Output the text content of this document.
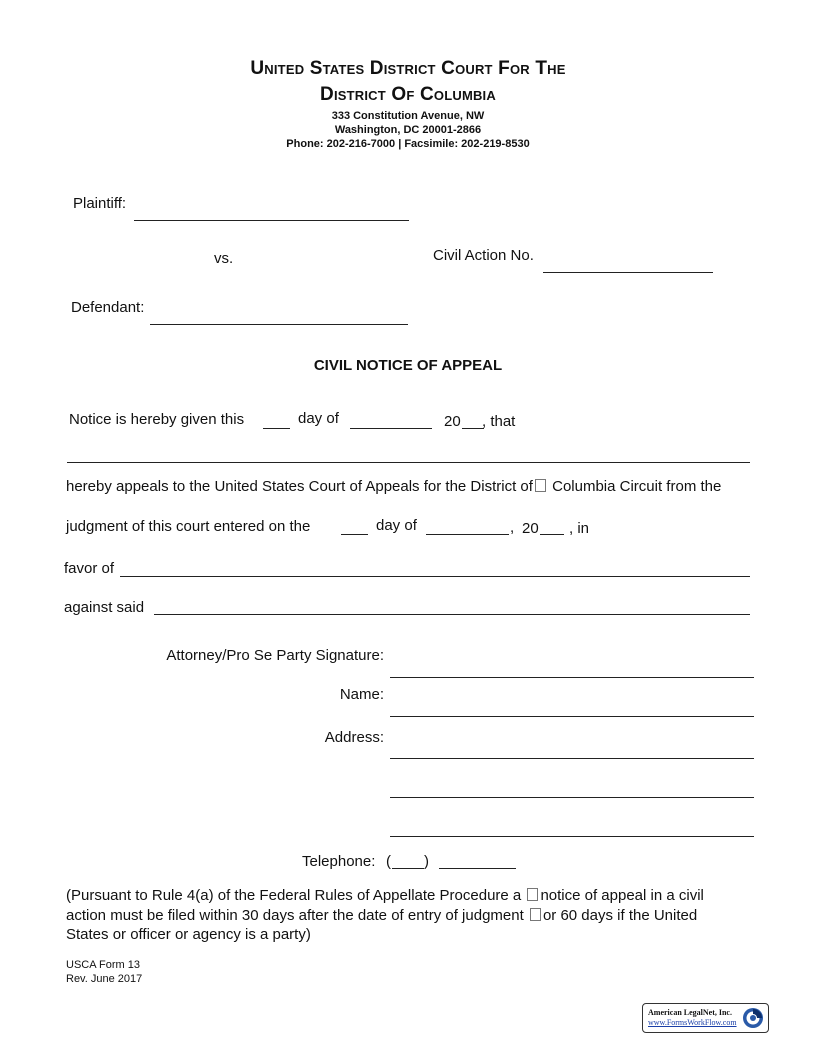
United States District Court For The
District Of Columbia
333 Constitution Avenue, NW
Washington, DC 20001-2866
Phone: 202-216-7000 | Facsimile: 202-219-8530
Plaintiff:
vs.	Civil Action No.
Defendant:
CIVIL NOTICE OF APPEAL
Notice is hereby given this	day of	20 , that
hereby appeals to the United States Court of Appeals for the District of Columbia Circuit from the
judgment of this court entered on the	day of	, 20 , in
favor of
against said
Attorney/Pro Se Party Signature:
Name:
Address:
Telephone: ( )
(Pursuant to Rule 4(a) of the Federal Rules of Appellate Procedure a notice of appeal in a civil
action must be filed within 30 days after the date of entry of judgment or 60 days if the United
States or officer or agency is a party)
USCA Form 13
Rev. June 2017
American LegalNet, Inc.
www.FormsWorkFlow.com
